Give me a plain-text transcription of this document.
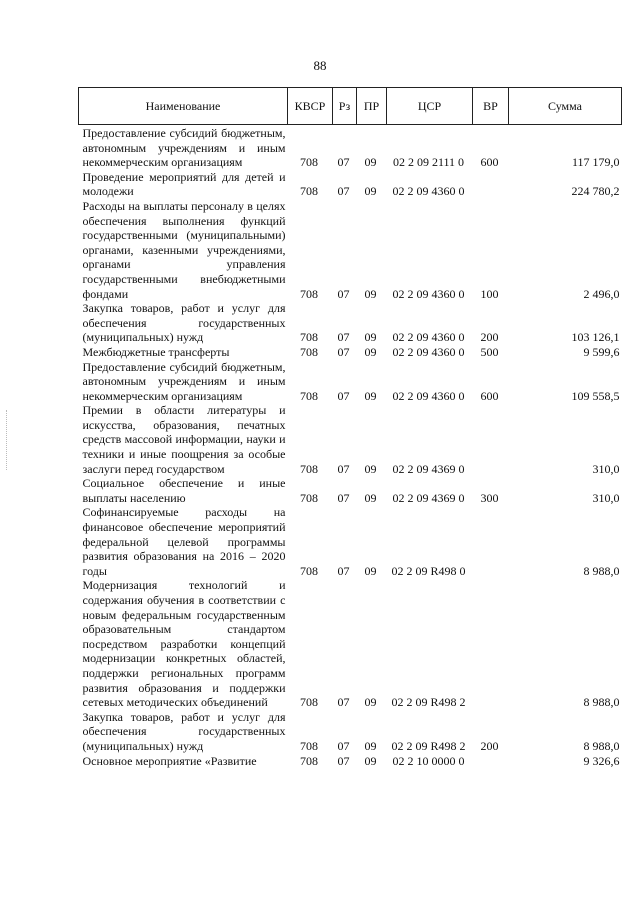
88
Наименование	КВСР	Рз	ПР	ЦСР	ВР	Сумма
Предоставление субсидий бюджетным, автономным учреждениям и иным некоммерческим организациям	708	07	09	02 2 09 2111 0	600	117 179,0
Проведение мероприятий для детей и молодежи	708	07	09	02 2 09 4360 0		224 780,2
Расходы на выплаты персоналу в целях обеспечения выполнения функций государственными (муниципальными) органами, казенными учреждениями, органами управления государственными внебюджетными фондами	708	07	09	02 2 09 4360 0	100	2 496,0
Закупка товаров, работ и услуг для обеспечения государственных (муниципальных) нужд	708	07	09	02 2 09 4360 0	200	103 126,1
Межбюджетные трансферты	708	07	09	02 2 09 4360 0	500	9 599,6
Предоставление субсидий бюджетным, автономным учреждениям и иным некоммерческим организациям	708	07	09	02 2 09 4360 0	600	109 558,5
Премии в области литературы и искусства, образования, печатных средств массовой информации, науки и техники и иные поощрения за особые заслуги перед государством	708	07	09	02 2 09 4369 0		310,0
Социальное обеспечение и иные выплаты населению	708	07	09	02 2 09 4369 0	300	310,0
Софинансируемые расходы на финансовое обеспечение мероприятий федеральной целевой программы развития образования на 2016 – 2020 годы	708	07	09	02 2 09 R498 0		8 988,0
Модернизация технологий и содержания обучения в соответствии с новым федеральным государственным образовательным стандартом посредством разработки концепций модернизации конкретных областей, поддержки региональных программ развития образования и поддержки сетевых методических объединений	708	07	09	02 2 09 R498 2		8 988,0
Закупка товаров, работ и услуг для обеспечения государственных (муниципальных) нужд	708	07	09	02 2 09 R498 2	200	8 988,0
Основное мероприятие «Развитие	708	07	09	02 2 10 0000 0		9 326,6
